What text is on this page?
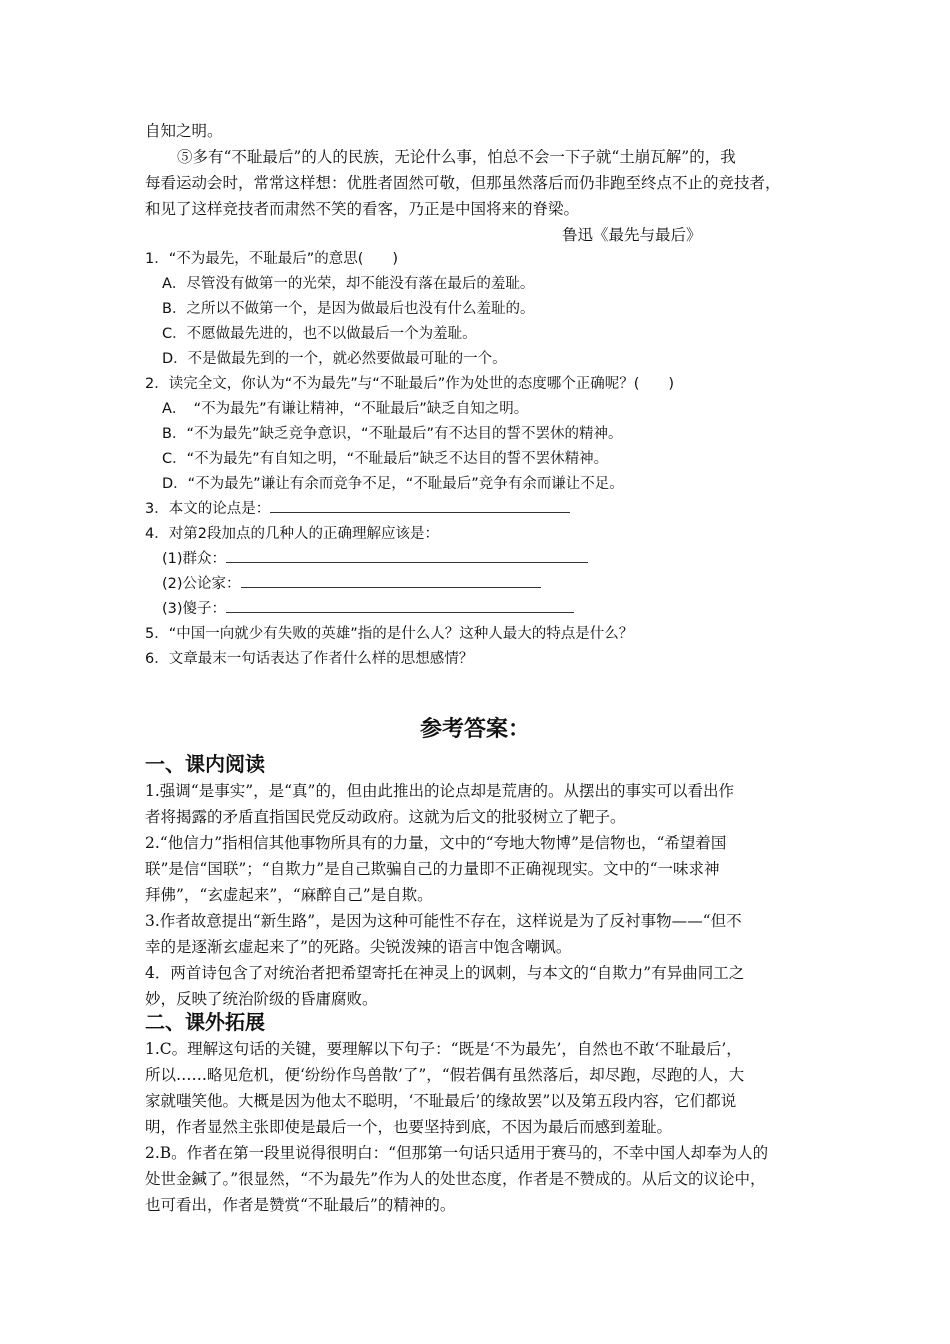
自知之明。
⑤多有“不耻最后”的人的民族，无论什么事，怕总不会一下子就“土崩瓦解”的，我
每看运动会时，常常这样想：优胜者固然可敬，但那虽然落后而仍非跑至终点不止的竞技者，
和见了这样竞技者而肃然不笑的看客，乃正是中国将来的脊梁。
鲁迅《最先与最后》
1．“不为最先，不耻最后”的意思(　　)
A．尽管没有做第一的光荣，却不能没有落在最后的羞耻。
B．之所以不做第一个，是因为做最后也没有什么羞耻的。
C．不愿做最先进的，也不以做最后一个为羞耻。
D．不是做最先到的一个，就必然要做最可耻的一个。
2．读完全文，你认为“不为最先”与“不耻最后”作为处世的态度哪个正确呢？(　　)
A．　“不为最先”有谦让精神，“不耻最后”缺乏自知之明。
B．“不为最先”缺乏竞争意识，“不耻最后”有不达目的誓不罢休的精神。
C．“不为最先”有自知之明，“不耻最后”缺乏不达目的誓不罢休精神。
D．“不为最先”谦让有余而竞争不足，“不耻最后”竞争有余而谦让不足。
3．本文的论点是：
4．对第2段加点的几种人的正确理解应该是：
(1)群众：
(2)公论家：
(3)傻子：
5．“中国一向就少有失败的英雄”指的是什么人？这种人最大的特点是什么？
6．文章最末一句话表达了作者什么样的思想感情？
参考答案：
一、课内阅读
1.强调“是事实”，是“真”的，但由此推出的论点却是荒唐的。从摆出的事实可以看出作
者将揭露的矛盾直指国民党反动政府。这就为后文的批驳树立了靶子。
2.“他信力”指相信其他事物所具有的力量，文中的“夸地大物博”是信物也，“希望着国
联”是信“国联”；“自欺力”是自己欺骗自己的力量即不正确视现实。文中的“一味求神
拜佛”，“玄虚起来”，“麻醉自己”是自欺。
3.作者故意提出“新生路”，是因为这种可能性不存在，这样说是为了反衬事物——“但不
幸的是逐渐玄虚起来了”的死路。尖锐泼辣的语言中饱含嘲讽。
4．两首诗包含了对统治者把希望寄托在神灵上的讽刺，与本文的“自欺力”有异曲同工之
妙，反映了统治阶级的昏庸腐败。
二、课外拓展
1.C。理解这句话的关键，要理解以下句子：“既是‘不为最先’，自然也不敢‘不耻最后’，
所以……略见危机，便‘纷纷作鸟兽散’了”，“假若偶有虽然落后，却尽跑，尽跑的人，大
家就嗤笑他。大概是因为他太不聪明，‘不耻最后’的缘故罢”以及第五段内容，它们都说
明，作者显然主张即使是最后一个，也要坚持到底，不因为最后而感到羞耻。
2.B。作者在第一段里说得很明白：“但那第一句话只适用于赛马的，不幸中国人却奉为人的
处世金鍼了。”很显然，“不为最先”作为人的处世态度，作者是不赞成的。从后文的议论中，
也可看出，作者是赞赏“不耻最后”的精神的。
